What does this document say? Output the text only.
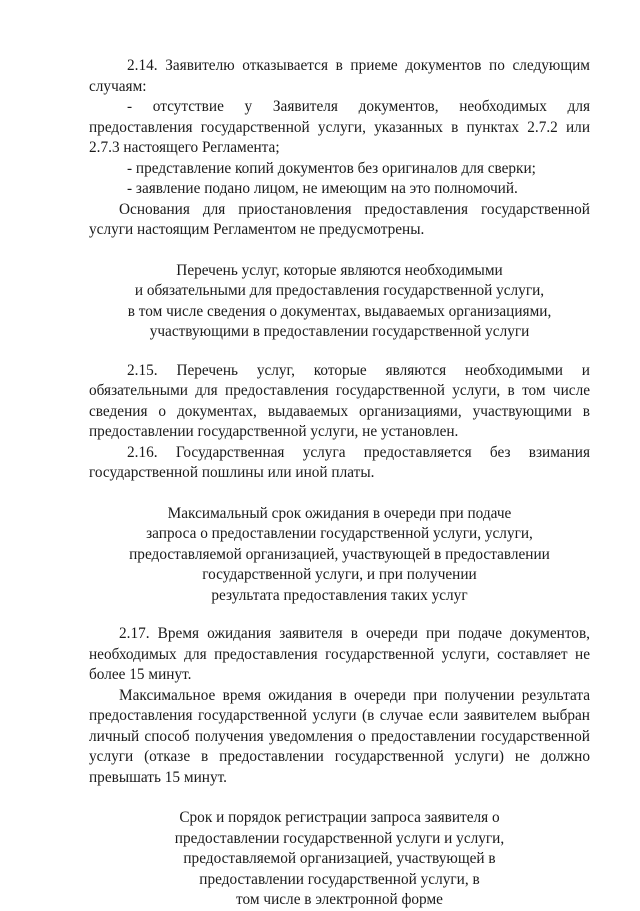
2.14. Заявителю отказывается в приеме документов по следующим случаям:

- отсутствие у Заявителя документов, необходимых для предоставления государственной услуги, указанных в пунктах 2.7.2 или 2.7.3 настоящего Регламента;

- представление копий документов без оригиналов для сверки;

- заявление подано лицом, не имеющим на это полномочий.

Основания для приостановления предоставления государственной услуги настоящим Регламентом не предусмотрены.

Перечень услуг, которые являются необходимыми
и обязательными для предоставления государственной услуги,
в том числе сведения о документах, выдаваемых организациями,
участвующими в предоставлении государственной услуги

2.15. Перечень услуг, которые являются необходимыми и обязательными для предоставления государственной услуги, в том числе сведения о документах, выдаваемых организациями, участвующими в предоставлении государственной услуги, не установлен.

2.16. Государственная услуга предоставляется без взимания государственной пошлины или иной платы.

Максимальный срок ожидания в очереди при подаче
запроса о предоставлении государственной услуги, услуги,
предоставляемой организацией, участвующей в предоставлении
государственной услуги, и при получении
результата предоставления таких услуг

2.17. Время ожидания заявителя в очереди при подаче документов, необходимых для предоставления государственной услуги, составляет не более 15 минут.

Максимальное время ожидания в очереди при получении результата предоставления государственной услуги (в случае если заявителем выбран личный способ получения уведомления о предоставлении государственной услуги (отказе в предоставлении государственной услуги) не должно превышать 15 минут.

Срок и порядок регистрации запроса заявителя о
предоставлении государственной услуги и услуги,
предоставляемой организацией, участвующей в
предоставлении государственной услуги, в
том числе в электронной форме
